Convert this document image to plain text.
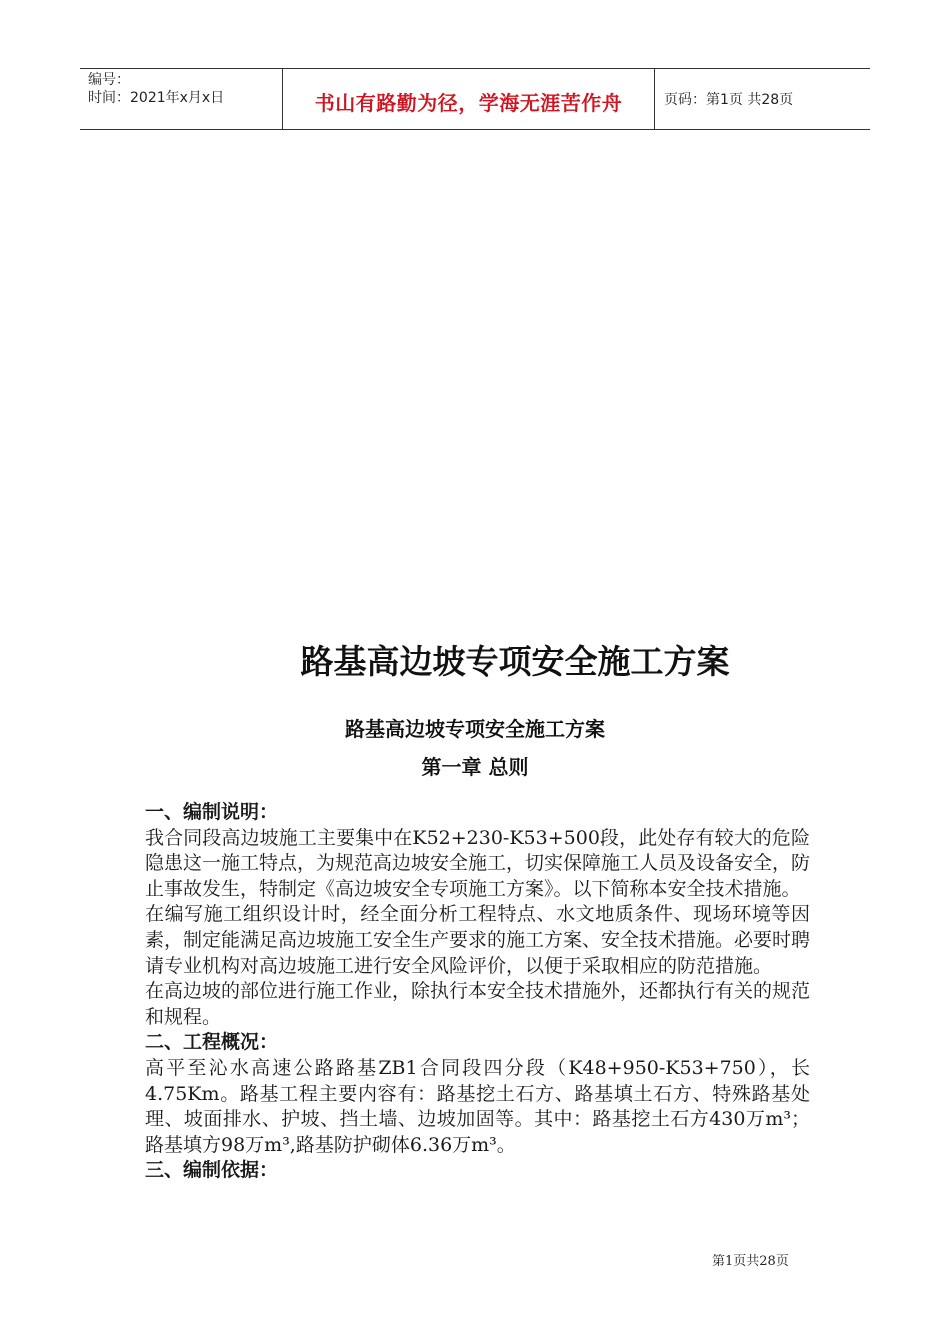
编号：
时间：2021年x月x日	书山有路勤为径，学海无涯苦作舟	页码：第1页 共28页
路基高边坡专项安全施工方案
路基高边坡专项安全施工方案
第一章 总则
一、编制说明：

我合同段高边坡施工主要集中在K52+230-K53+500段，此处存有较大的危险隐患这一施工特点，为规范高边坡安全施工，切实保障施工人员及设备安全，防止事故发生，特制定《高边坡安全专项施工方案》。以下简称本安全技术措施。

在编写施工组织设计时，经全面分析工程特点、水文地质条件、现场环境等因素，制定能满足高边坡施工安全生产要求的施工方案、安全技术措施。必要时聘请专业机构对高边坡施工进行安全风险评价，以便于采取相应的防范措施。

在高边坡的部位进行施工作业，除执行本安全技术措施外，还都执行有关的规范和规程。

二、工程概况：

高平至沁水高速公路路基ZB1合同段四分段（K48+950-K53+750），长4.75Km。路基工程主要内容有：路基挖土石方、路基填土石方、特殊路基处理、坡面排水、护坡、挡土墙、边坡加固等。其中：路基挖土石方430万m³；路基填方98万m³,路基防护砌体6.36万m³。

三、编制依据：
第1页共28页
